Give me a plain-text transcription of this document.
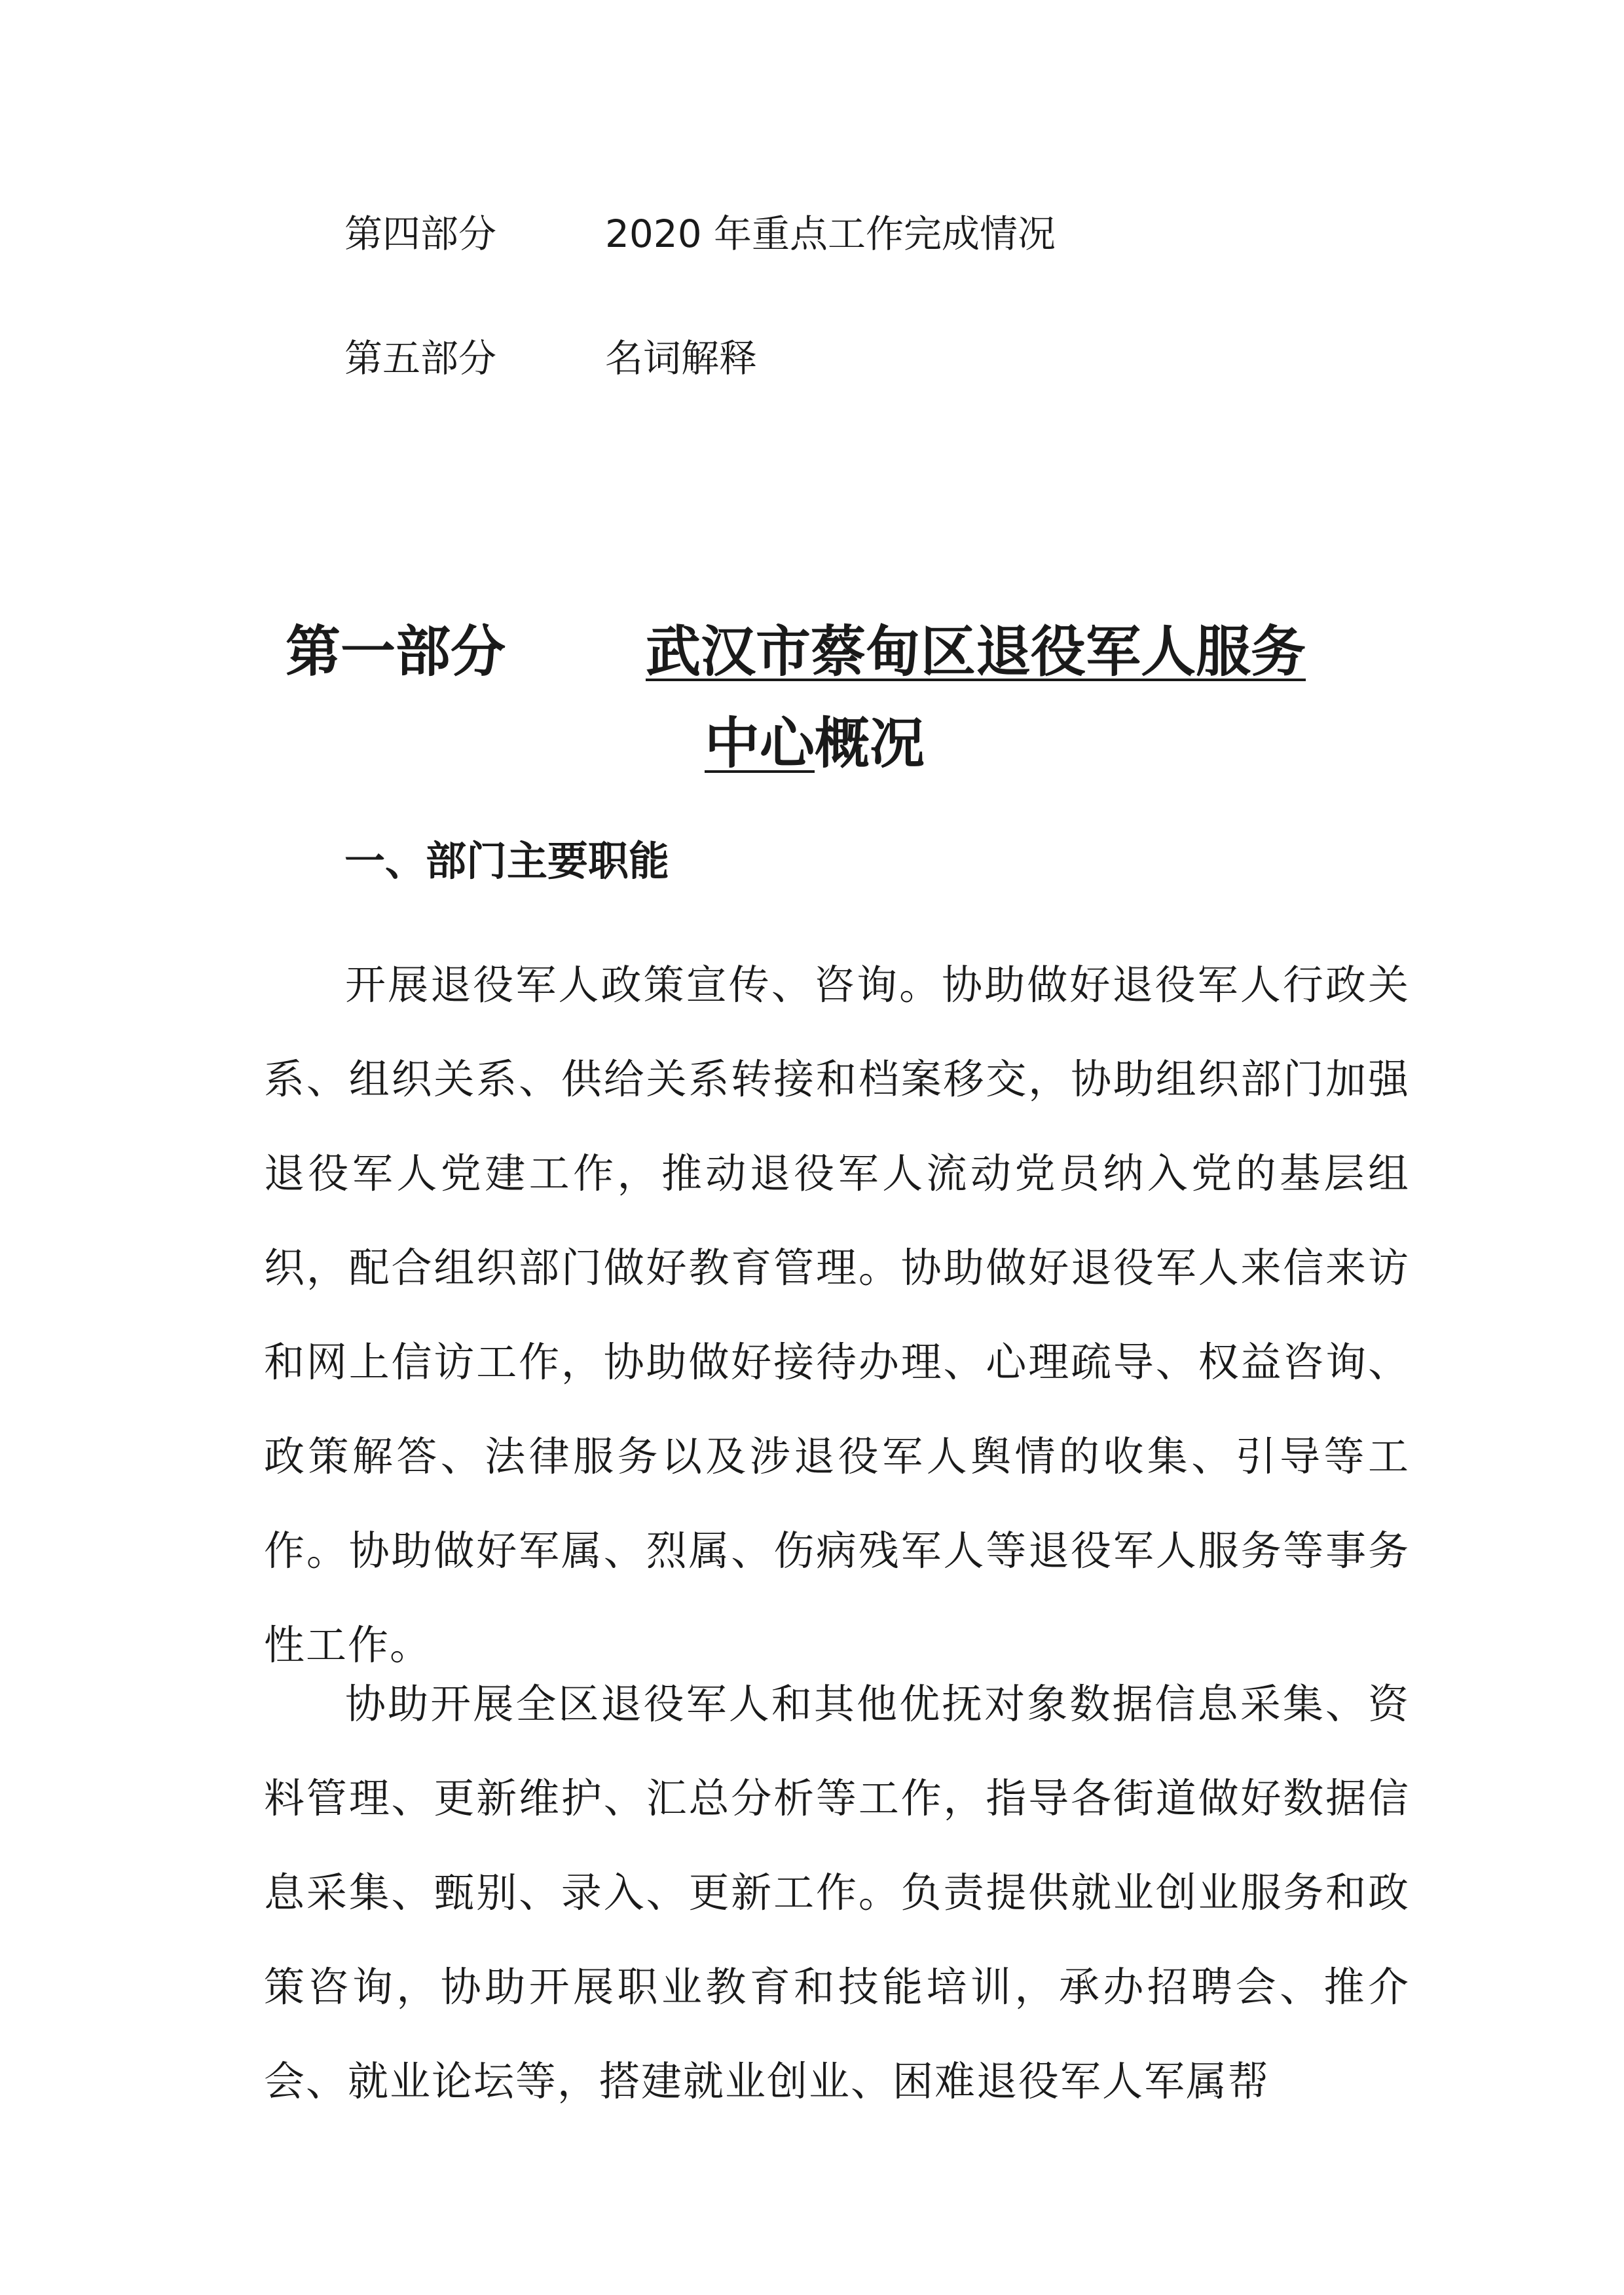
第四部分	2020 年重点工作完成情况
第五部分	名词解释
第一部分	武汉市蔡甸区退役军人服务
中心概况
一、部门主要职能

开展退役军人政策宣传、咨询。协助做好退役军人行政关系、组织关系、供给关系转接和档案移交，协助组织部门加强退役军人党建工作，推动退役军人流动党员纳入党的基层组织，配合组织部门做好教育管理。协助做好退役军人来信来访和网上信访工作，协助做好接待办理、心理疏导、权益咨询、政策解答、法律服务以及涉退役军人舆情的收集、引导等工作。协助做好军属、烈属、伤病残军人等退役军人服务等事务性工作。

协助开展全区退役军人和其他优抚对象数据信息采集、资料管理、更新维护、汇总分析等工作，指导各街道做好数据信息采集、甄别、录入、更新工作。负责提供就业创业服务和政策咨询，协助开展职业教育和技能培训，承办招聘会、推介会、就业论坛等，搭建就业创业、困难退役军人军属帮
